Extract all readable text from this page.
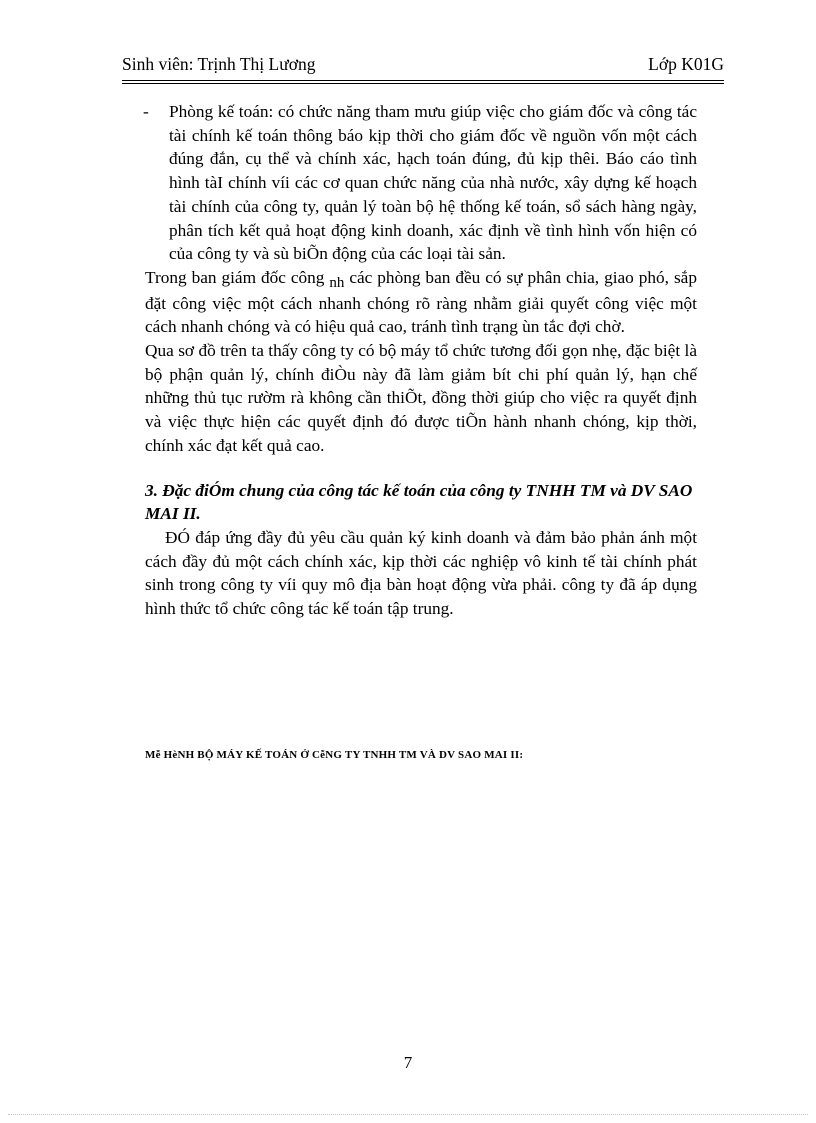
Sinh viên: Trịnh Thị Lương	Lớp K01G
- Phòng kế toán: có chức năng tham mưu giúp việc cho giám đốc và công tác tài chính kế toán thông báo kịp thời cho giám đốc về nguồn vốn một cách đúng đắn, cụ thể và chính xác, hạch toán đúng, đủ kịp thêi. Báo cáo tình hình tàI chính víi các cơ quan chức năng của nhà nước, xây dựng kế hoạch tài chính của công ty, quản lý toàn bộ hệ thống kế toán, sổ sách hàng ngày, phân tích kết quả hoạt động kinh doanh, xác định về tình hình vốn hiện có của công ty và sù biÕn động của các loại tài sản.

Trong ban giám đốc công nh các phòng ban đều có sự phân chia, giao phó, sắp đặt công việc một cách nhanh chóng rõ ràng nhằm giải quyết công việc một cách nhanh chóng và có hiệu quả cao, tránh tình trạng ùn tắc đợi chờ.

Qua sơ đồ trên ta thấy công ty có bộ máy tổ chức tương đối gọn nhẹ, đặc biệt là bộ phận quản lý, chính điÒu này đã làm giảm bít chi phí quản lý, hạn chế những thủ tục rườm rà không cần thiÕt, đồng thời giúp cho việc ra quyết định và việc thực hiện các quyết định đó được tiÕn hành nhanh chóng, kịp thời, chính xác đạt kết quả cao.

3. Đặc điÓm chung của công tác kế toán của công ty TNHH TM và DV SAO MAI II.

ĐÓ đáp ứng đầy đủ yêu cầu quản ký kinh doanh và đảm bảo phản ánh một cách đầy đủ một cách chính xác, kịp thời các nghiệp vô kinh tế tài chính phát sinh trong công ty víi quy mô địa bàn hoạt động vừa phải. công ty đã áp dụng hình thức tổ chức công tác kế toán tập trung.

Mễ HèNH BỘ MÁY KẾ TOÁN Ở CễNG TY TNHH TM VÀ DV SAO MAI II:
7
